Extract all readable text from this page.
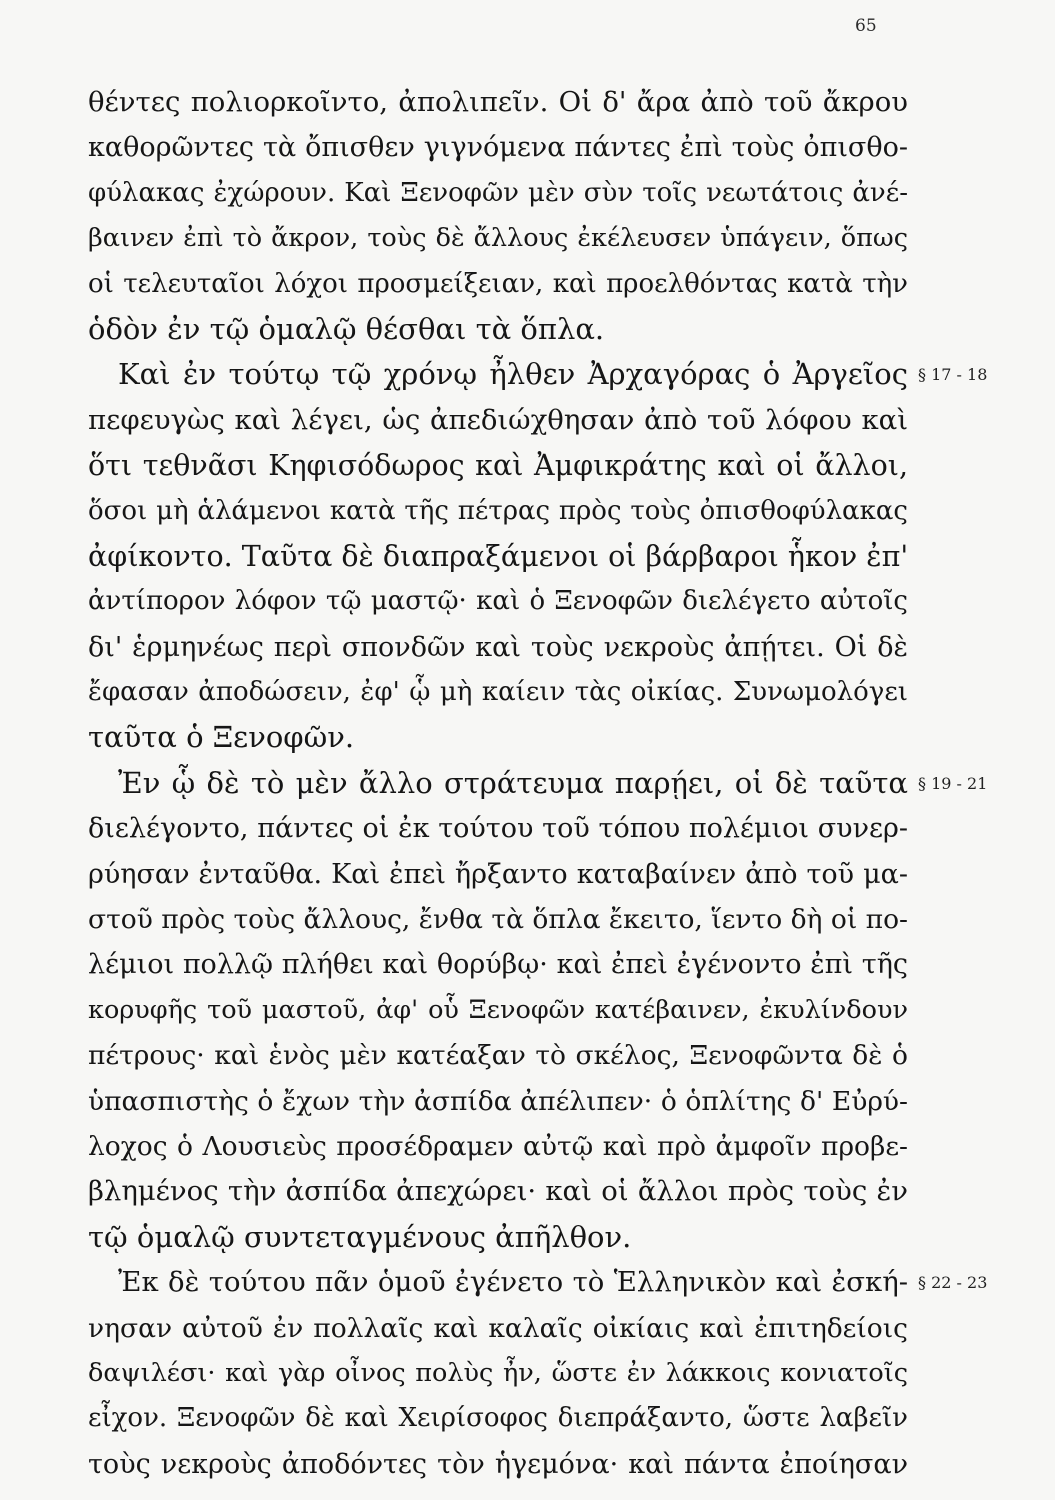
65
θέντες πολιορκοῖντο, ἀπολιπεῖν. Οἱ δ' ἄρα ἀπὸ τοῦ ἄκρου
καθορῶντες τὰ ὄπισθεν γιγνόμενα πάντες ἐπὶ τοὺς ὀπισθο-
φύλακας ἐχώρουν. Καὶ Ξενοφῶν μὲν σὺν τοῖς νεωτάτοις ἀνέ-
βαινεν ἐπὶ τὸ ἄκρον, τοὺς δὲ ἄλλους ἐκέλευσεν ὑπάγειν, ὅπως
οἱ τελευταῖοι λόχοι προσμείξειαν, καὶ προελθόντας κατὰ τὴν
ὁδὸν ἐν τῷ ὁμαλῷ θέσθαι τὰ ὅπλα.
Καὶ ἐν τούτῳ τῷ χρόνῳ ἦλθεν Ἀρχαγόρας ὁ Ἀργεῖος
πεφευγὼς καὶ λέγει, ὡς ἀπεδιώχθησαν ἀπὸ τοῦ λόφου καὶ
ὅτι τεθνᾶσι Κηφισόδωρος καὶ Ἀμφικράτης καὶ οἱ ἄλλοι,
ὅσοι μὴ ἁλάμενοι κατὰ τῆς πέτρας πρὸς τοὺς ὀπισθοφύλακας
ἀφίκοντο. Ταῦτα δὲ διαπραξάμενοι οἱ βάρβαροι ἧκον ἐπ'
ἀντίπορον λόφον τῷ μαστῷ· καὶ ὁ Ξενοφῶν διελέγετο αὐτοῖς
δι' ἑρμηνέως περὶ σπονδῶν καὶ τοὺς νεκροὺς ἀπῄτει. Οἱ δὲ
ἔφασαν ἀποδώσειν, ἐφ' ᾧ μὴ καίειν τὰς οἰκίας. Συνωμολόγει
ταῦτα ὁ Ξενοφῶν.
Ἐν ᾧ δὲ τὸ μὲν ἄλλο στράτευμα παρῄει, οἱ δὲ ταῦτα
διελέγοντο, πάντες οἱ ἐκ τούτου τοῦ τόπου πολέμιοι συνερ-
ρύησαν ἐνταῦθα. Καὶ ἐπεὶ ἤρξαντο καταβαίνεν ἀπὸ τοῦ μα-
στοῦ πρὸς τοὺς ἄλλους, ἔνθα τὰ ὅπλα ἔκειτο, ἵεντο δὴ οἱ πο-
λέμιοι πολλῷ πλήθει καὶ θορύβῳ· καὶ ἐπεὶ ἐγένοντο ἐπὶ τῆς
κορυφῆς τοῦ μαστοῦ, ἀφ' οὗ Ξενοφῶν κατέβαινεν, ἐκυλίνδουν
πέτρους· καὶ ἑνὸς μὲν κατέαξαν τὸ σκέλος, Ξενοφῶντα δὲ ὁ
ὑπασπιστὴς ὁ ἔχων τὴν ἀσπίδα ἀπέλιπεν· ὁ ὁπλίτης δ' Εὐρύ-
λοχος ὁ Λουσιεὺς προσέδραμεν αὐτῷ καὶ πρὸ ἀμφοῖν προβε-
βλημένος τὴν ἀσπίδα ἀπεχώρει· καὶ οἱ ἄλλοι πρὸς τοὺς ἐν
τῷ ὁμαλῷ συντεταγμένους ἀπῆλθον.
Ἐκ δὲ τούτου πᾶν ὁμοῦ ἐγένετο τὸ Ἑλληνικὸν καὶ ἐσκή-
νησαν αὐτοῦ ἐν πολλαῖς καὶ καλαῖς οἰκίαις καὶ ἐπιτηδείοις
δαψιλέσι· καὶ γὰρ οἶνος πολὺς ἦν, ὥστε ἐν λάκκοις κονιατοῖς
εἶχον. Ξενοφῶν δὲ καὶ Χειρίσοφος διεπράξαντο, ὥστε λαβεῖν
τοὺς νεκροὺς ἀποδόντες τὸν ἡγεμόνα· καὶ πάντα ἐποίησαν
§ 17 - 18
§ 19 - 21
§ 22 - 23
